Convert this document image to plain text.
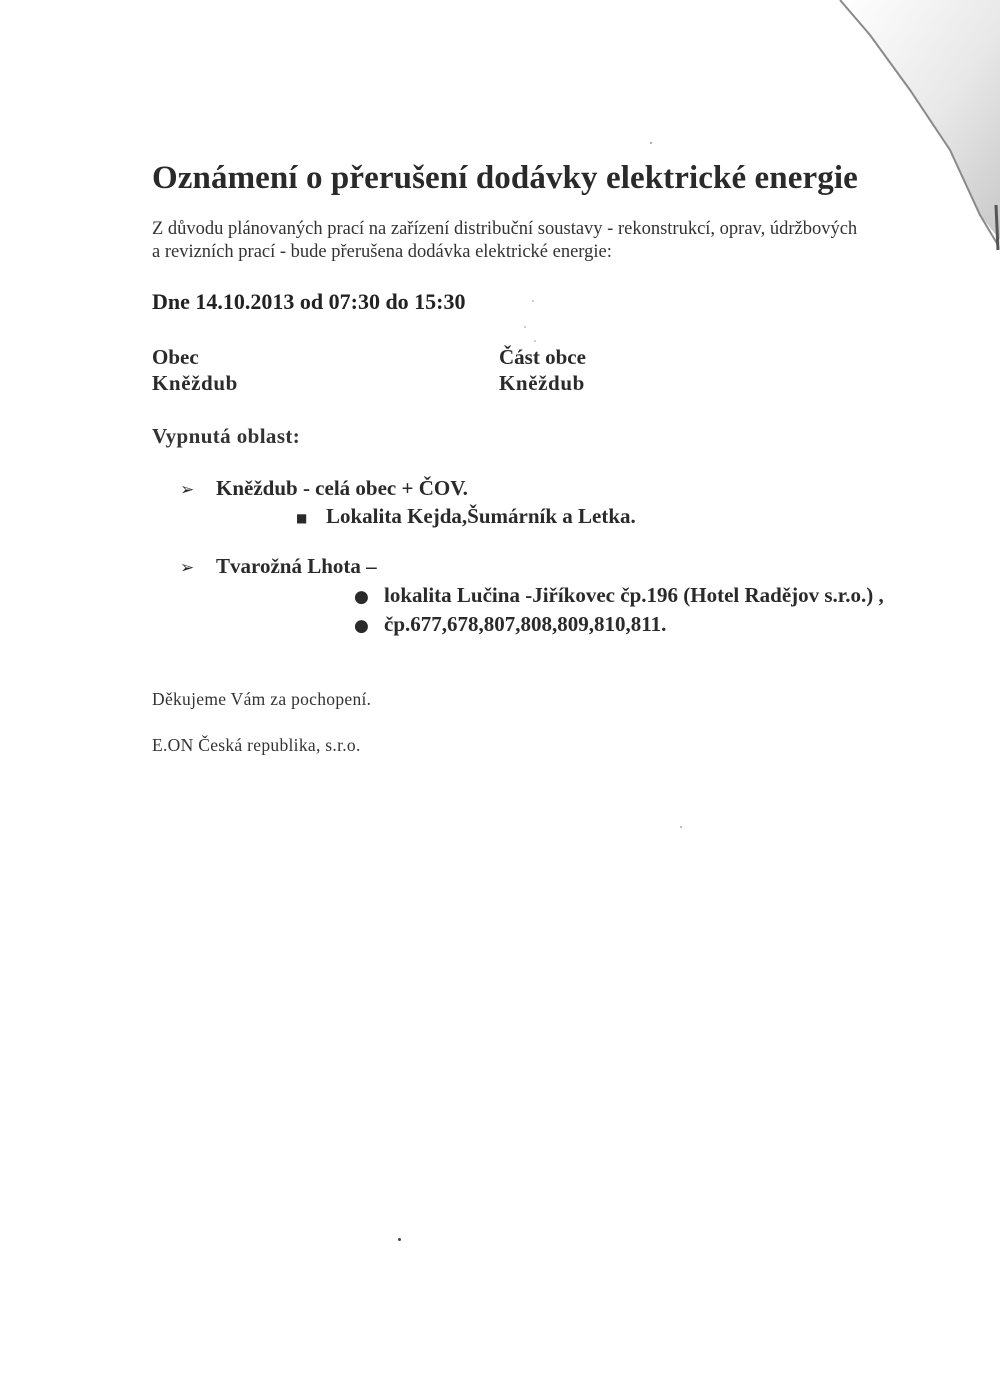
Oznámení o přerušení dodávky elektrické energie
Z důvodu plánovaných prací na zařízení distribuční soustavy - rekonstrukcí, oprav, údržbových
a revizních prací - bude přerušena dodávka elektrické energie:
Dne 14.10.2013 od 07:30 do 15:30
Obec
Kněždub
Část obce
Kněždub
Vypnutá oblast:
➢ Kněždub - celá obec + ČOV.
■ Lokalita Kejda,Šumárník a Letka.
➢ Tvarožná Lhota –
● lokalita Lučina -Jiříkovec čp.196 (Hotel Radějov s.r.o.) ,
● čp.677,678,807,808,809,810,811.
Děkujeme Vám za pochopení.
E.ON Česká republika, s.r.o.
